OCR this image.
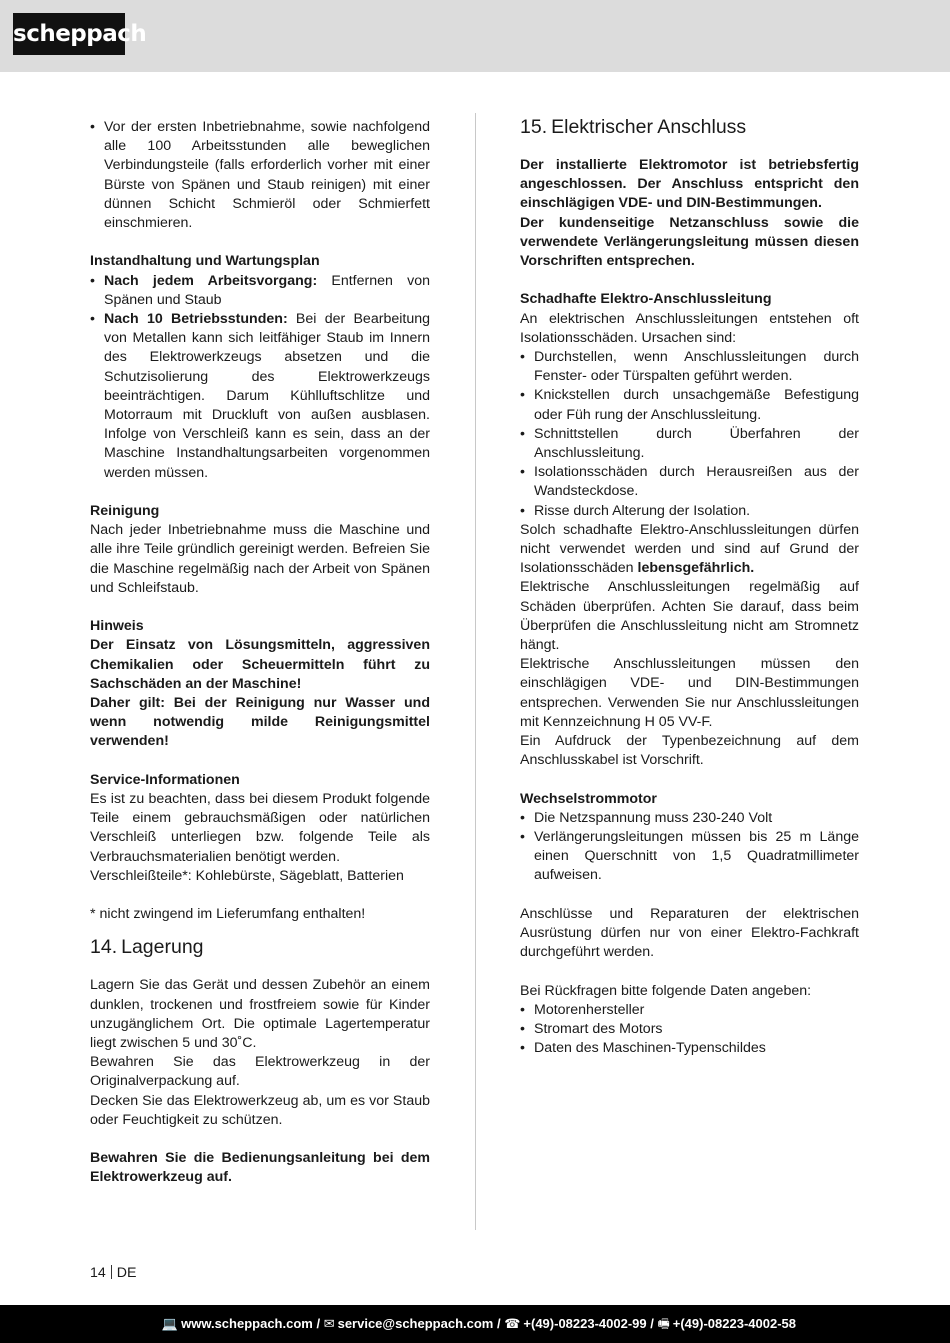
scheppach
• Vor der ersten Inbetriebnahme, sowie nachfolgend alle 100 Arbeitsstunden alle beweglichen Verbindungsteile (falls erforderlich vorher mit einer Bürste von Spänen und Staub reinigen) mit einer dünnen Schicht Schmieröl oder Schmierfett einschmieren.

Instandhaltung und Wartungsplan

• Nach jedem Arbeitsvorgang: Entfernen von Spänen und Staub
• Nach 10 Betriebsstunden: Bei der Bearbeitung von Metallen kann sich leitfähiger Staub im Innern des Elektrowerkzeugs absetzen und die Schutzisolierung des Elektrowerkzeugs beeinträchtigen. Darum Kühlluftschlitze und Motorraum mit Druckluft von außen ausblasen. Infolge von Verschleiß kann es sein, dass an der Maschine Instandhaltungsarbeiten vorgenommen werden müssen.

Reinigung

Nach jeder Inbetriebnahme muss die Maschine und alle ihre Teile gründlich gereinigt werden. Befreien Sie die Maschine regelmäßig nach der Arbeit von Spänen und Schleifstaub.

Hinweis

Der Einsatz von Lösungsmitteln, aggressiven Chemikalien oder Scheuermitteln führt zu Sachschäden an der Maschine!

Daher gilt: Bei der Reinigung nur Wasser und wenn notwendig milde Reinigungsmittel verwenden!

Service-Informationen

Es ist zu beachten, dass bei diesem Produkt folgende Teile einem gebrauchsmäßigen oder natürlichen Verschleiß unterliegen bzw. folgende Teile als Verbrauchsmaterialien benötigt werden.

Verschleißteile*: Kohlebürste, Sägeblatt, Batterien

* nicht zwingend im Lieferumfang enthalten!

14. Lagerung

Lagern Sie das Gerät und dessen Zubehör an einem dunklen, trockenen und frostfreiem sowie für Kinder unzugänglichem Ort. Die optimale Lagertemperatur liegt zwischen 5 und 30˚C.

Bewahren Sie das Elektrowerkzeug in der Originalverpackung auf.

Decken Sie das Elektrowerkzeug ab, um es vor Staub oder Feuchtigkeit zu schützen.

Bewahren Sie die Bedienungsanleitung bei dem Elektrowerkzeug auf.

15. Elektrischer Anschluss

Der installierte Elektromotor ist betriebsfertig angeschlossen. Der Anschluss entspricht den einschlägigen VDE- und DIN-Bestimmungen.

Der kundenseitige Netzanschluss sowie die verwendete Verlängerungsleitung müssen diesen Vorschriften entsprechen.

Schadhafte Elektro-Anschlussleitung

An elektrischen Anschlussleitungen entstehen oft Isolationsschäden. Ursachen sind:

• Durchstellen, wenn Anschlussleitungen durch Fenster- oder Türspalten geführt werden.
• Knickstellen durch unsachgemäße Befestigung oder Füh rung der Anschlussleitung.
• Schnittstellen durch Überfahren der Anschlussleitung.
• Isolationsschäden durch Herausreißen aus der Wandsteckdose.
• Risse durch Alterung der Isolation.

Solch schadhafte Elektro-Anschlussleitungen dürfen nicht verwendet werden und sind auf Grund der Isolationsschäden lebensgefährlich.

Elektrische Anschlussleitungen regelmäßig auf Schäden überprüfen. Achten Sie darauf, dass beim Überprüfen die Anschlussleitung nicht am Stromnetz hängt.

Elektrische Anschlussleitungen müssen den einschlägigen VDE- und DIN-Bestimmungen entsprechen. Verwenden Sie nur Anschlussleitungen mit Kennzeichnung H 05 VV-F.

Ein Aufdruck der Typenbezeichnung auf dem Anschlusskabel ist Vorschrift.

Wechselstrommotor

• Die Netzspannung muss 230-240 Volt
• Verlängerungsleitungen müssen bis 25 m Länge einen Querschnitt von 1,5 Quadratmillimeter aufweisen.

Anschlüsse und Reparaturen der elektrischen Ausrüstung dürfen nur von einer Elektro-Fachkraft durchgeführt werden.

Bei Rückfragen bitte folgende Daten angeben:

• Motorenhersteller
• Stromart des Motors
• Daten des Maschinen-Typenschildes
14 DE
💻 www.scheppach.com / ✉ service@scheppach.com / ☎ +(49)-08223-4002-99 / 🖷 +(49)-08223-4002-58
